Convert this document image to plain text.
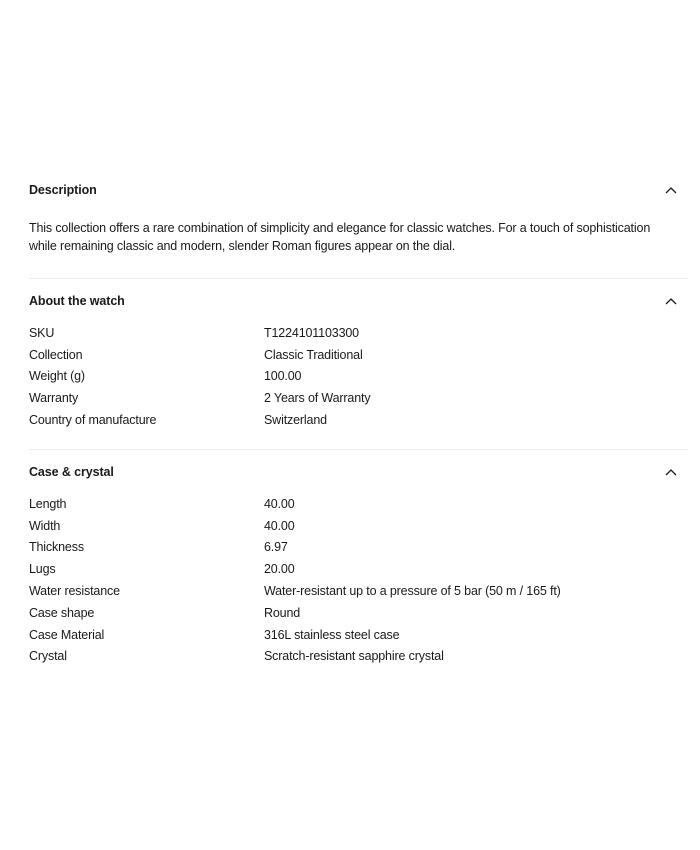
Description

This collection offers a rare combination of simplicity and elegance for classic watches. For a touch of sophistication while remaining classic and modern, slender Roman figures appear on the dial.

About the watch
SKU	T1224101103300
Collection	Classic Traditional
Weight (g)	100.00
Warranty	2 Years of Warranty
Country of manufacture	Switzerland
Case & crystal
Length	40.00
Width	40.00
Thickness	6.97
Lugs	20.00
Water resistance	Water-resistant up to a pressure of 5 bar (50 m / 165 ft)
Case shape	Round
Case Material	316L stainless steel case
Crystal	Scratch-resistant sapphire crystal
